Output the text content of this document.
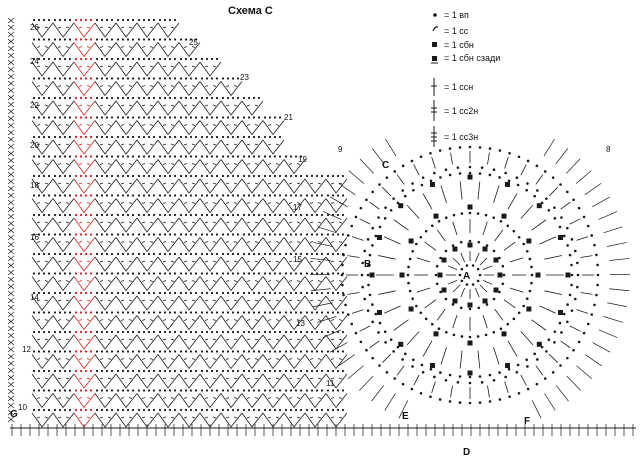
Схема С
26
25
24
23
22
21
20
19
18
17
16
15
14
13
12
11
10
9	8
A
B
C
D
E	F
G
= 1 вп
= 1 сс
= 1 сбн
= 1 сбн сзади
= 1 ссн
= 1 сс2н
= 1 сс3н
